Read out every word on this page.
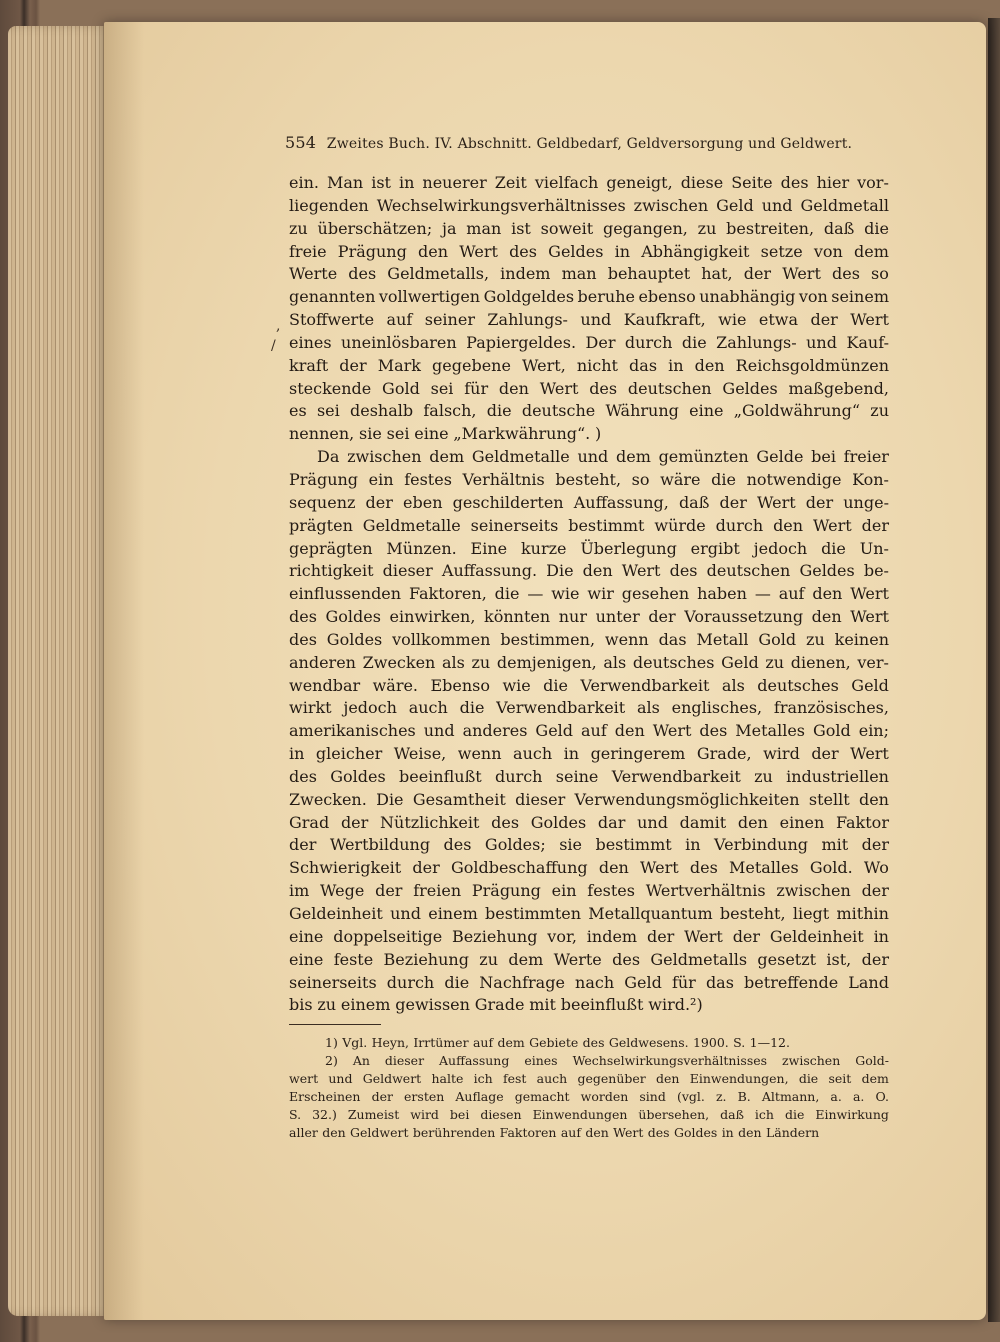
554 Zweites Buch. IV. Abschnitt. Geldbedarf, Geldversorgung und Geldwert.
ein. Man ist in neuerer Zeit vielfach geneigt, diese Seite des hier vor-
liegenden Wechselwirkungsverhältnisses zwischen Geld und Geldmetall
zu überschätzen; ja man ist soweit gegangen, zu bestreiten, daß die
freie Prägung den Wert des Geldes in Abhängigkeit setze von dem
Werte des Geldmetalls, indem man behauptet hat, der Wert des so
genannten vollwertigen Goldgeldes beruhe ebenso unabhängig von seinem
Stoffwerte auf seiner Zahlungs- und Kaufkraft, wie etwa der Wert
eines uneinlösbaren Papiergeldes. Der durch die Zahlungs- und Kauf-
kraft der Mark gegebene Wert, nicht das in den Reichsgoldmünzen
steckende Gold sei für den Wert des deutschen Geldes maßgebend,
es sei deshalb falsch, die deutsche Währung eine „Goldwährung“ zu
nennen, sie sei eine „Markwährung“. )
Da zwischen dem Geldmetalle und dem gemünzten Gelde bei freier
Prägung ein festes Verhältnis besteht, so wäre die notwendige Kon-
sequenz der eben geschilderten Auffassung, daß der Wert der unge-
prägten Geldmetalle seinerseits bestimmt würde durch den Wert der
geprägten Münzen. Eine kurze Überlegung ergibt jedoch die Un-
richtigkeit dieser Auffassung. Die den Wert des deutschen Geldes be-
einflussenden Faktoren, die — wie wir gesehen haben — auf den Wert
des Goldes einwirken, könnten nur unter der Voraussetzung den Wert
des Goldes vollkommen bestimmen, wenn das Metall Gold zu keinen
anderen Zwecken als zu demjenigen, als deutsches Geld zu dienen, ver-
wendbar wäre. Ebenso wie die Verwendbarkeit als deutsches Geld
wirkt jedoch auch die Verwendbarkeit als englisches, französisches,
amerikanisches und anderes Geld auf den Wert des Metalles Gold ein;
in gleicher Weise, wenn auch in geringerem Grade, wird der Wert
des Goldes beeinflußt durch seine Verwendbarkeit zu industriellen
Zwecken. Die Gesamtheit dieser Verwendungsmöglichkeiten stellt den
Grad der Nützlichkeit des Goldes dar und damit den einen Faktor
der Wertbildung des Goldes; sie bestimmt in Verbindung mit der
Schwierigkeit der Goldbeschaffung den Wert des Metalles Gold. Wo
im Wege der freien Prägung ein festes Wertverhältnis zwischen der
Geldeinheit und einem bestimmten Metallquantum besteht, liegt mithin
eine doppelseitige Beziehung vor, indem der Wert der Geldeinheit in
eine feste Beziehung zu dem Werte des Geldmetalls gesetzt ist, der
seinerseits durch die Nachfrage nach Geld für das betreffende Land
bis zu einem gewissen Grade mit beeinflußt wird.²)
1) Vgl. Heyn, Irrtümer auf dem Gebiete des Geldwesens. 1900. S. 1—12.
2) An dieser Auffassung eines Wechselwirkungsverhältnisses zwischen Gold-
wert und Geldwert halte ich fest auch gegenüber den Einwendungen, die seit dem
Erscheinen der ersten Auflage gemacht worden sind (vgl. z. B. Altmann, a. a. O.
S. 32.) Zumeist wird bei diesen Einwendungen übersehen, daß ich die Einwirkung
aller den Geldwert berührenden Faktoren auf den Wert des Goldes in den Ländern
,
/
